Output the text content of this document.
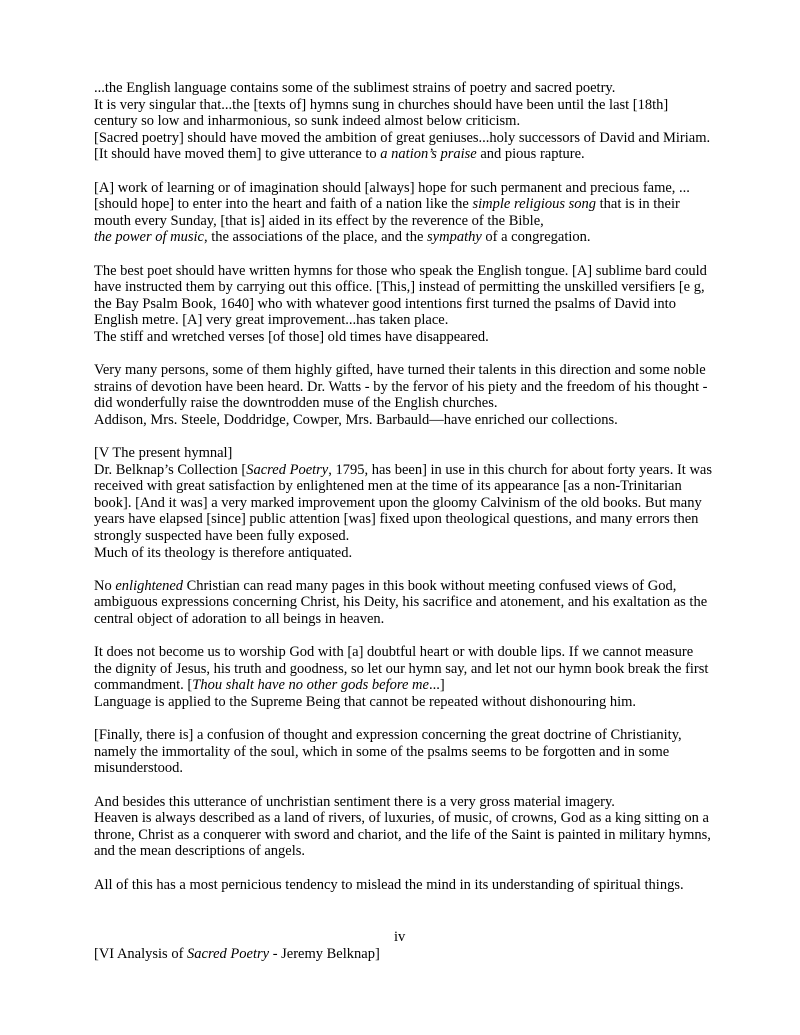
...the English language contains some of the sublimest strains of poetry and sacred poetry.
It is very singular that...the [texts of] hymns sung in churches should have been until the last [18th] century so low and inharmonious, so sunk indeed almost below criticism.
[Sacred poetry] should have moved the ambition of great geniuses...holy successors of David and Miriam. [It should have moved them] to give utterance to a nation’s praise and pious rapture.

[A] work of learning or of imagination should [always] hope for such permanent and precious fame, ...[should hope] to enter into the heart and faith of a nation like the simple religious song that is in their mouth every Sunday, [that is] aided in its effect by the reverence of the Bible,
the power of music, the associations of the place, and the sympathy of a congregation.

The best poet should have written hymns for those who speak the English tongue. [A] sublime bard could have instructed them by carrying out this office. [This,] instead of permitting the unskilled versifiers [e g, the Bay Psalm Book, 1640] who with whatever good intentions first turned the psalms of David into English metre. [A] very great improvement...has taken place.
The stiff and wretched verses [of those] old times have disappeared.

Very many persons, some of them highly gifted, have turned their talents in this direction and some noble strains of devotion have been heard. Dr. Watts - by the fervor of his piety and the freedom of his thought - did wonderfully raise the downtrodden muse of the English churches.
Addison, Mrs. Steele, Doddridge, Cowper, Mrs. Barbauld—have enriched our collections.

[V The present hymnal]
Dr. Belknap’s Collection [Sacred Poetry, 1795, has been] in use in this church for about forty years. It was received with great satisfaction by enlightened men at the time of its appearance [as a non-Trinitarian book]. [And it was] a very marked improvement upon the gloomy Calvinism of the old books. But many years have elapsed [since] public attention [was] fixed upon theological questions, and many errors then strongly suspected have been fully exposed.
Much of its theology is therefore antiquated.

No enlightened Christian can read many pages in this book without meeting confused views of God, ambiguous expressions concerning Christ, his Deity, his sacrifice and atonement, and his exaltation as the central object of adoration to all beings in heaven.

It does not become us to worship God with [a] doubtful heart or with double lips. If we cannot measure the dignity of Jesus, his truth and goodness, so let our hymn say, and let not our hymn book break the first commandment. [Thou shalt have no other gods before me...]
Language is applied to the Supreme Being that cannot be repeated without dishonouring him.

[Finally, there is] a confusion of thought and expression concerning the great doctrine of Christianity, namely the immortality of the soul, which in some of the psalms seems to be forgotten and in some misunderstood.

And besides this utterance of unchristian sentiment there is a very gross material imagery.
Heaven is always described as a land of rivers, of luxuries, of music, of crowns, God as a king sitting on a throne, Christ as a conquerer with sword and chariot, and the life of the Saint is painted in military hymns, and the mean descriptions of angels.

All of this has a most pernicious tendency to mislead the mind in its understanding of spiritual things.

iv
[VI Analysis of Sacred Poetry - Jeremy Belknap]
